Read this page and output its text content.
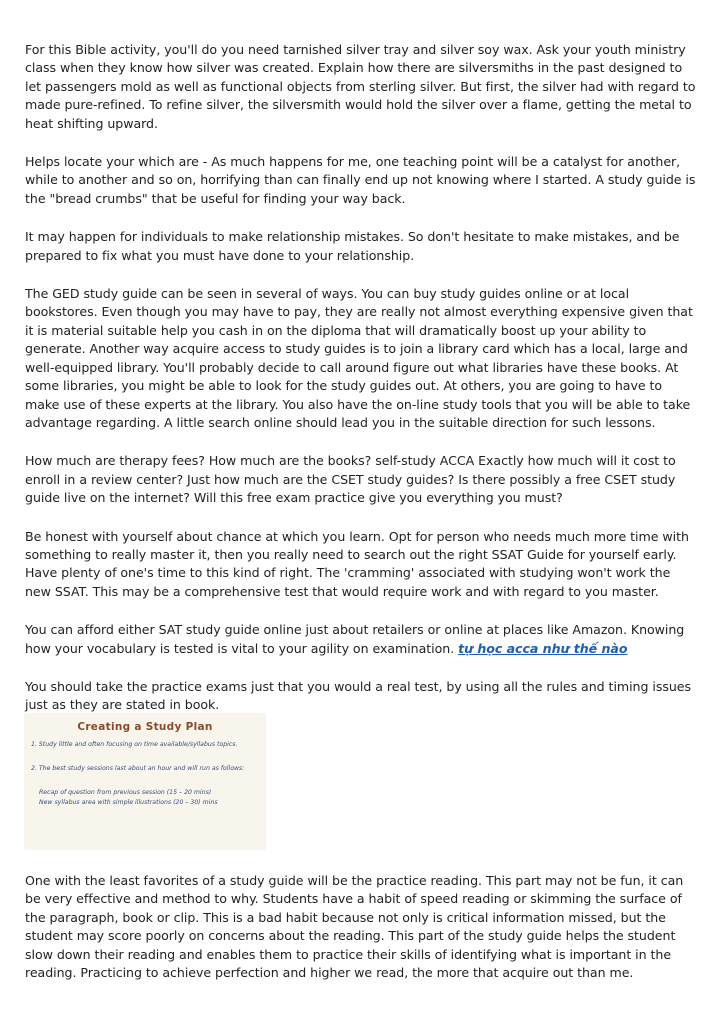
For this Bible activity, you'll do you need tarnished silver tray and silver soy wax. Ask your youth ministry class when they know how silver was created. Explain how there are silversmiths in the past designed to let passengers mold as well as functional objects from sterling silver. But first, the silver had with regard to made pure-refined. To refine silver, the silversmith would hold the silver over a flame, getting the metal to heat shifting upward.

Helps locate your which are - As much happens for me, one teaching point will be a catalyst for another, while to another and so on, horrifying than can finally end up not knowing where I started. A study guide is the "bread crumbs" that be useful for finding your way back.

It may happen for individuals to make relationship mistakes. So don't hesitate to make mistakes, and be prepared to fix what you must have done to your relationship.

The GED study guide can be seen in several of ways. You can buy study guides online or at local bookstores. Even though you may have to pay, they are really not almost everything expensive given that it is material suitable help you cash in on the diploma that will dramatically boost up your ability to generate. Another way acquire access to study guides is to join a library card which has a local, large and well-equipped library. You'll probably decide to call around figure out what libraries have these books. At some libraries, you might be able to look for the study guides out. At others, you are going to have to make use of these experts at the library. You also have the on-line study tools that you will be able to take advantage regarding. A little search online should lead you in the suitable direction for such lessons.

How much are therapy fees? How much are the books? self-study ACCA Exactly how much will it cost to enroll in a review center? Just how much are the CSET study guides? Is there possibly a free CSET study guide live on the internet? Will this free exam practice give you everything you must?

Be honest with yourself about chance at which you learn. Opt for person who needs much more time with something to really master it, then you really need to search out the right SSAT Guide for yourself early. Have plenty of one's time to this kind of right. The 'cramming' associated with studying won't work the new SSAT. This may be a comprehensive test that would require work and with regard to you master.

You can afford either SAT study guide online just about retailers or online at places like Amazon. Knowing how your vocabulary is tested is vital to your agility on examination. tự học acca như thế nào

You should take the practice exams just that you would a real test, by using all the rules and timing issues just as they are stated in book.

Creating a Study Plan
1. Study little and often focusing on time available/syllabus topics.
2. The best study sessions last about an hour and will run as follows:
Recap of question from previous session (15 – 20 mins)
New syllabus area with simple illustrations (20 – 30) mins

One with the least favorites of a study guide will be the practice reading. This part may not be fun, it can be very effective and method to why. Students have a habit of speed reading or skimming the surface of the paragraph, book or clip. This is a bad habit because not only is critical information missed, but the student may score poorly on concerns about the reading. This part of the study guide helps the student slow down their reading and enables them to practice their skills of identifying what is important in the reading. Practicing to achieve perfection and higher we read, the more that acquire out than me.
